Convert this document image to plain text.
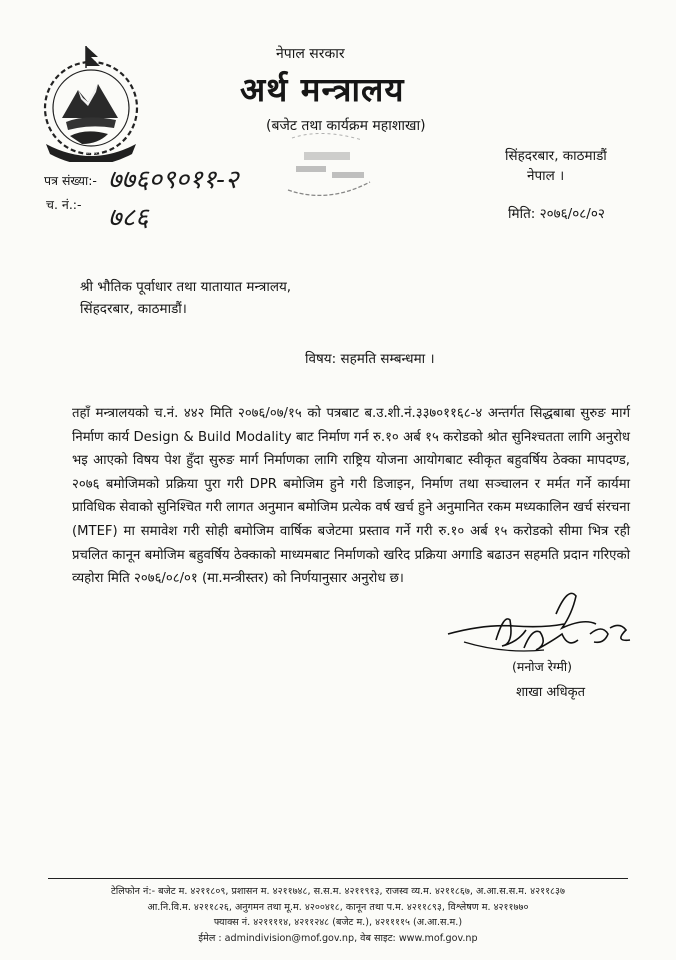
··· ···
नेपाल सरकार
अर्थ मन्त्रालय
(बजेट तथा कार्यक्रम महाशाखा)
सिंहदरबार, काठमाडौं
नेपाल ।
पत्र संख्या:- ७७६०९०११-२
च. नं.:- ७८६	मिति: २०७६/०८/०२
श्री भौतिक पूर्वाधार तथा यातायात मन्त्रालय,
सिंहदरबार, काठमाडौं।
विषय: सहमति सम्बन्धमा ।
तहाँ मन्त्रालयको च.नं. ४४२ मिति २०७६/०७/१५ को पत्रबाट ब.उ.शी.नं.३३७०११६८-४ अन्तर्गत सिद्धबाबा सुरुङ मार्ग निर्माण कार्य Design & Build Modality बाट निर्माण गर्न रु.१० अर्ब १५ करोडको श्रोत सुनिश्चतता लागि अनुरोध भइ आएको विषय पेश हुँदा सुरुङ मार्ग निर्माणका लागि राष्ट्रिय योजना आयोगबाट स्वीकृत बहुवर्षिय ठेक्का मापदण्ड, २०७६ बमोजिमको प्रक्रिया पुरा गरी DPR बमोजिम हुने गरी डिजाइन, निर्माण तथा सञ्चालन र मर्मत गर्ने कार्यमा प्राविधिक सेवाको सुनिश्चित गरी लागत अनुमान बमोजिम प्रत्येक वर्ष खर्च हुने अनुमानित रकम मध्यकालिन खर्च संरचना (MTEF) मा समावेश गरी सोही बमोजिम वार्षिक बजेटमा प्रस्ताव गर्ने गरी रु.१० अर्ब १५ करोडको सीमा भित्र रही प्रचलित कानून बमोजिम बहुवर्षिय ठेक्काको माध्यमबाट निर्माणको खरिद प्रक्रिया अगाडि बढाउन सहमति प्रदान गरिएको व्यहोरा मिति २०७६/०८/०१ (मा.मन्त्रीस्तर) को निर्णयानुसार अनुरोध छ।
(मनोज रेग्मी)
शाखा अधिकृत
टेलिफोन नं:- बजेट म. ४२११८०९, प्रशासन म. ४२११७४८, स.स.म. ४२११९१३, राजस्व व्य.म. ४२११८६७, अ.आ.स.स.म. ४२११८३७
आ.नि.वि.म. ४२११८२६, अनुगमन तथा मू.म. ४२००४१८, कानून तथा प.म. ४२११८९३, विश्लेषण म. ४२११७७०
फ्याक्स नं. ४२११११४, ४२११२४८ (बजेट म.), ४२११११५ (अ.आ.स.म.)
ईमेल : admindivision@mof.gov.np, वेब साइट: www.mof.gov.np
